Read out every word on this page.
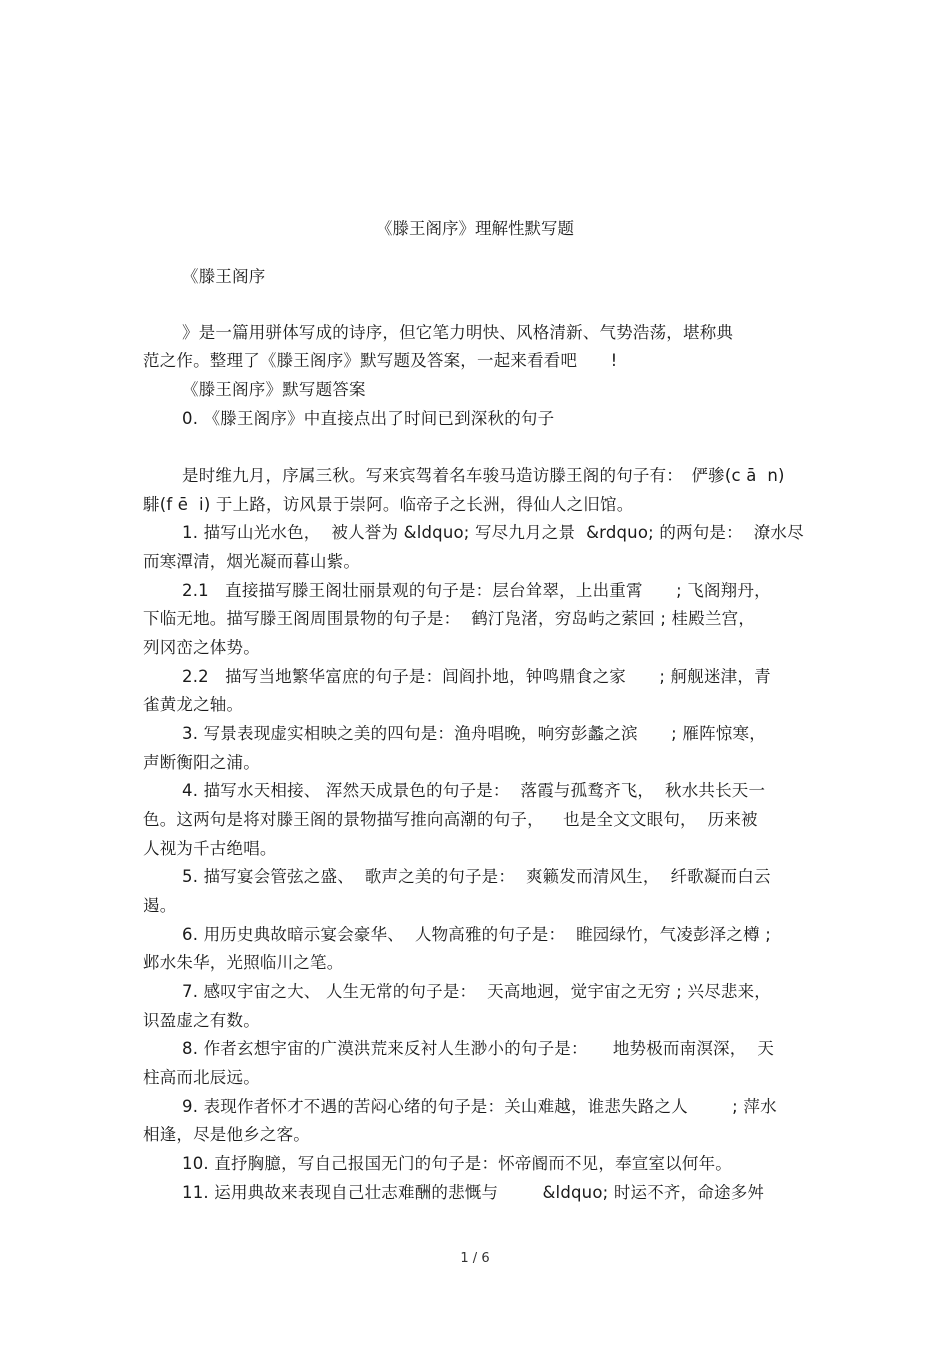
《滕王阁序》理解性默写题
《滕王阁序
》是一篇用骈体写成的诗序，但它笔力明快、风格清新、气势浩荡，堪称典
范之作。整理了《滕王阁序》默写题及答案，一起来看看吧　　!
《滕王阁序》默写题答案
0. 《滕王阁序》中直接点出了时间已到深秋的句子
是时维九月，序属三秋。写来宾驾着名车骏马造访滕王阁的句子有：　俨骖(c ā  n)
騑(f ē  i) 于上路，访风景于崇阿。临帝子之长洲，得仙人之旧馆。
1. 描写山光水色，  被人誉为 &ldquo; 写尽九月之景  &rdquo; 的两句是：  潦水尽
而寒潭清，烟光凝而暮山紫。
2.1   直接描写滕王阁壮丽景观的句子是：层台耸翠，上出重霄　　; 飞阁翔丹，
下临无地。描写滕王阁周围景物的句子是：  鹤汀凫渚，穷岛屿之萦回 ; 桂殿兰宫，
列冈峦之体势。
2.2   描写当地繁华富庶的句子是：闾阎扑地，钟鸣鼎食之家　　; 舸舰迷津，青
雀黄龙之轴。
3. 写景表现虚实相映之美的四句是：渔舟唱晚，响穷彭蠡之滨　　; 雁阵惊寒，
声断衡阳之浦。
4. 描写水天相接、 浑然天成景色的句子是：  落霞与孤鹜齐飞，  秋水共长天一
色。这两句是将对滕王阁的景物描写推向高潮的句子，　  也是全文文眼句，  历来被
人视为千古绝唱。
5. 描写宴会管弦之盛、  歌声之美的句子是：  爽籁发而清风生，  纤歌凝而白云
遏。
6. 用历史典故暗示宴会豪华、  人物高雅的句子是：  睢园绿竹，气凌彭泽之樽 ;
邺水朱华，光照临川之笔。
7. 感叹宇宙之大、 人生无常的句子是：  天高地迥，觉宇宙之无穷 ; 兴尽悲来，
识盈虚之有数。
8. 作者玄想宇宙的广漠洪荒来反衬人生渺小的句子是：　　地势极而南溟深，  天
柱高而北辰远。
9. 表现作者怀才不遇的苦闷心绪的句子是：关山难越，谁悲失路之人　　  ; 萍水
相逢，尽是他乡之客。
10. 直抒胸臆，写自己报国无门的句子是：怀帝阍而不见，奉宣室以何年。
11. 运用典故来表现自己壮志难酬的悲慨与　　  &ldquo; 时运不齐，命途多舛
1 / 6
